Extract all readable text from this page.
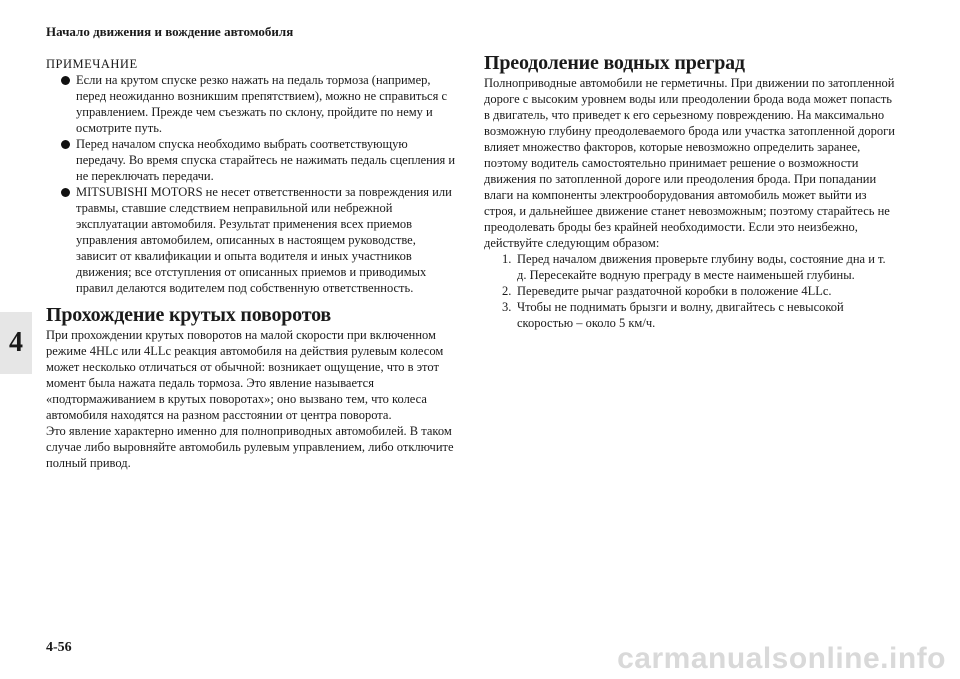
Начало движения и вождение автомобиля
4
ПРИМЕЧАНИЕ
Если на крутом спуске резко нажать на педаль тормоза (например, перед неожиданно возникшим препятствием), можно не справиться с управлением. Прежде чем съезжать по склону, пройдите по нему и осмотрите путь.
Перед началом спуска необходимо выбрать соответствующую передачу. Во время спуска старайтесь не нажимать педаль сцепления и не переключать передачи.
MITSUBISHI MOTORS не несет ответственности за повреждения или травмы, ставшие следствием неправильной или небрежной эксплуатации автомобиля. Результат применения всех приемов управления автомобилем, описанных в настоящем руководстве, зависит от квалификации и опыта водителя и иных участников движения; все отступления от описанных приемов и приводимых правил делаются водителем под собственную ответственность.
Прохождение крутых поворотов

При прохождении крутых поворотов на малой скорости при включенном режиме 4HLc или 4LLc реакция автомобиля на действия рулевым колесом может несколько отличаться от обычной: возникает ощущение, что в этот момент была нажата педаль тормоза. Это явление называется «подтормаживанием в крутых поворотах»; оно вызвано тем, что колеса автомобиля находятся на разном расстоянии от центра поворота.

Это явление характерно именно для полноприводных автомобилей. В таком случае либо выровняйте автомобиль рулевым управлением, либо отключите полный привод.

Преодоление водных преград

Полноприводные автомобили не герметичны. При движении по затопленной дороге с высоким уровнем воды или преодолении брода вода может попасть в двигатель, что приведет к его серьезному повреждению. На максимально возможную глубину преодолеваемого брода или участка затопленной дороги влияет множество факторов, которые невозможно определить заранее, поэтому водитель самостоятельно принимает решение о возможности движения по затопленной дороге или преодоления брода. При попадании влаги на компоненты электрооборудования автомобиль может выйти из строя, и дальнейшее движение станет невозможным; поэтому старайтесь не преодолевать броды без крайней необходимости. Если это неизбежно, действуйте следующим образом:

1. Перед началом движения проверьте глубину воды, состояние дна и т. д. Пересекайте водную преграду в месте наименьшей глубины.
2. Переведите рычаг раздаточной коробки в положение 4LLc.
3. Чтобы не поднимать брызги и волну, двигайтесь с невысокой скоростью – около 5 км/ч.
4-56	carmanualsonline.info
